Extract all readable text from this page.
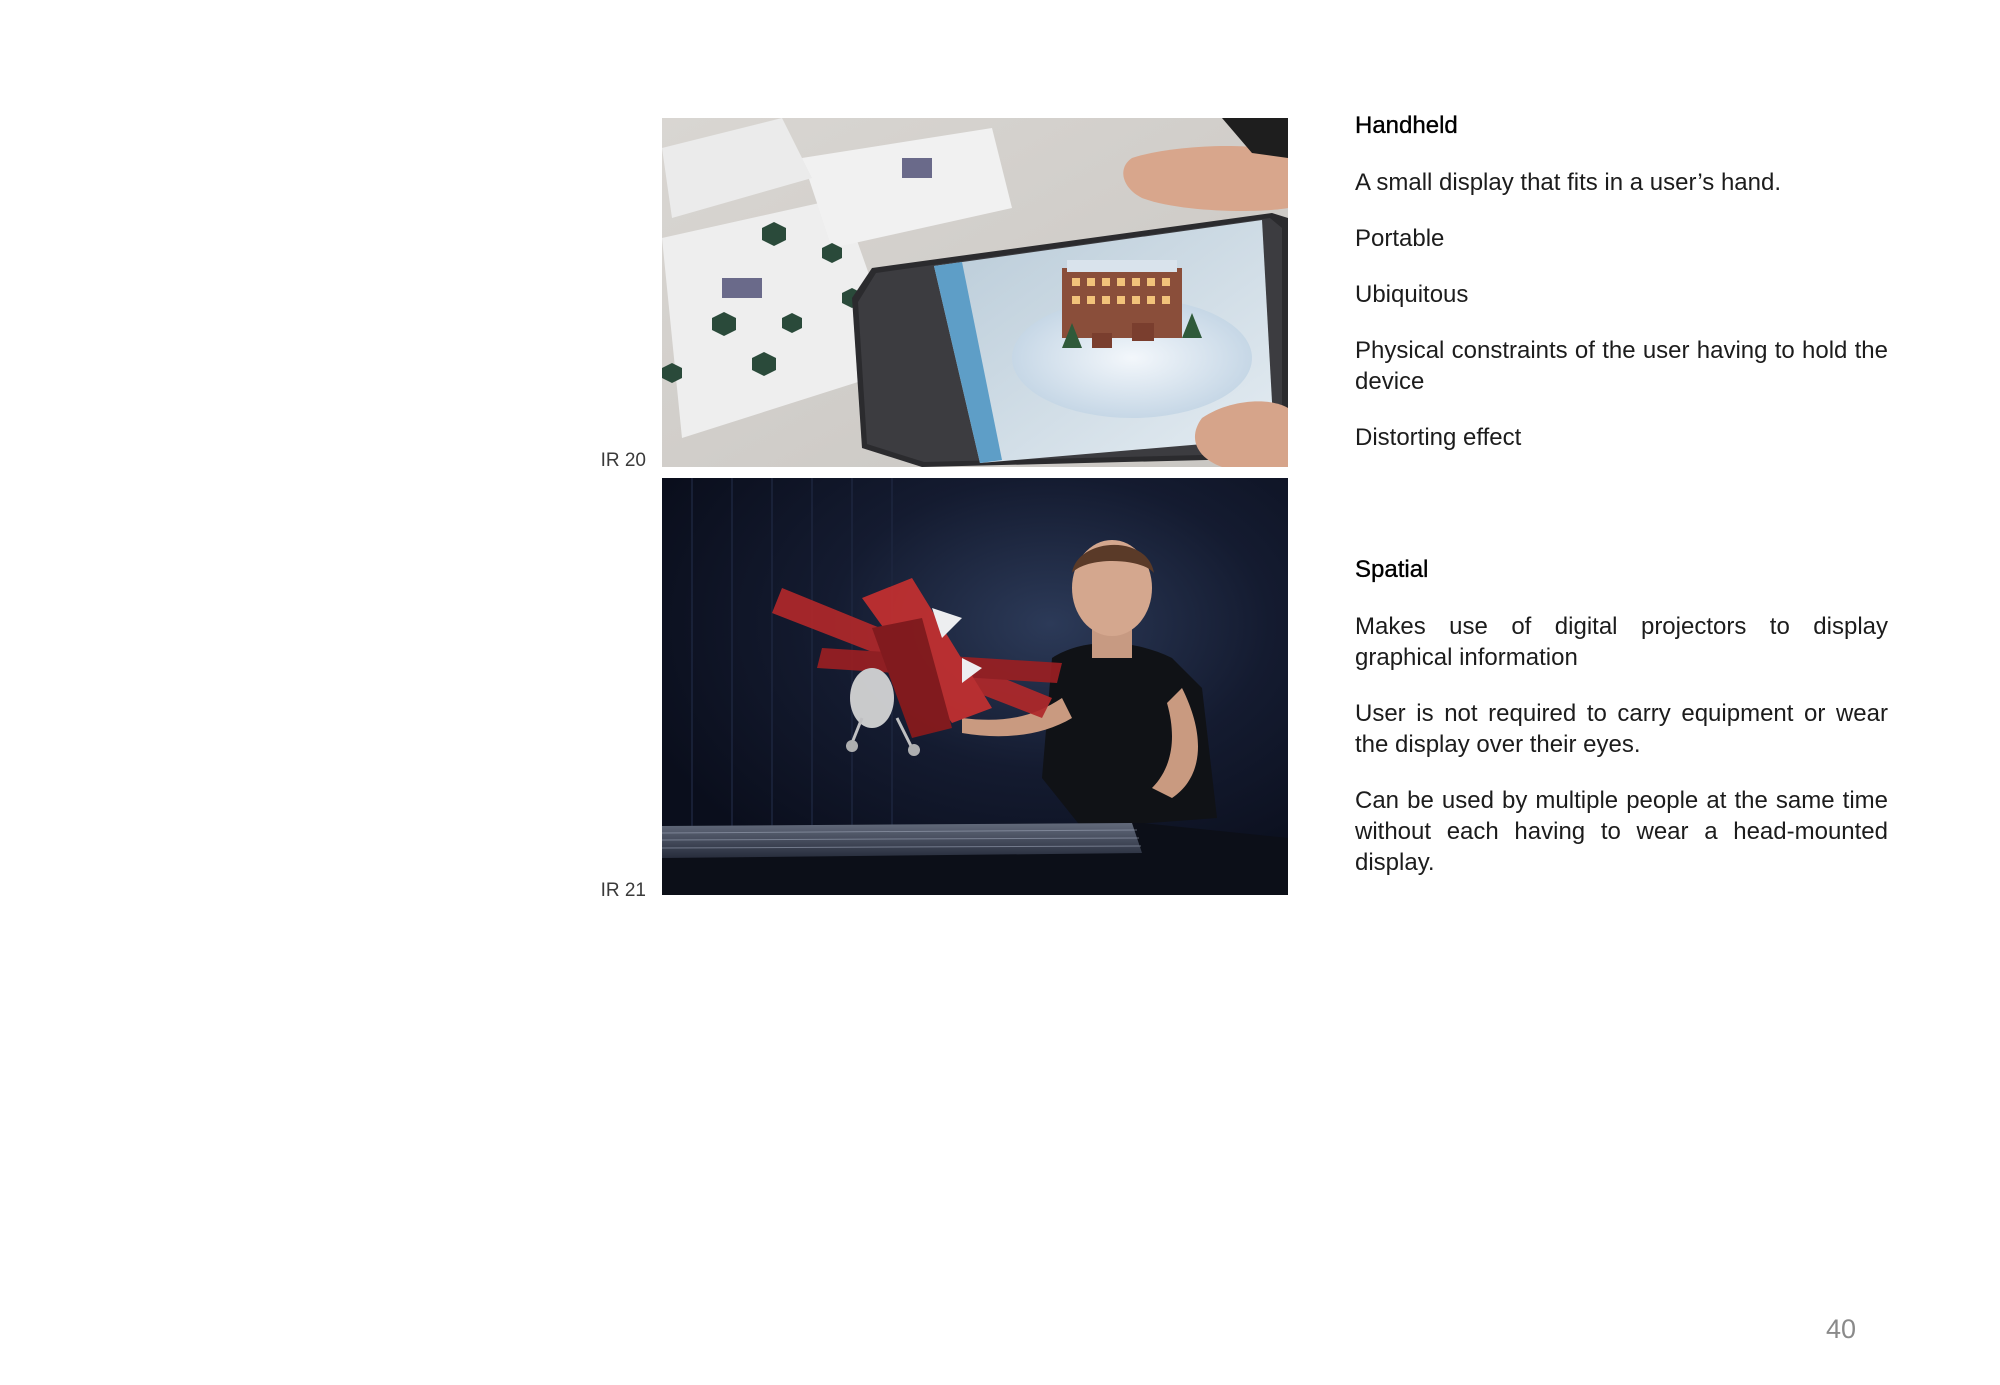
IR 20
IR 21
Handheld
A small display that fits in a user’s hand.
Portable
Ubiquitous
Physical constraints of the user having to hold the device
Distorting effect
Spatial
Makes use of digital projectors to display graphical information
User is not required to carry equipment or wear the display over their eyes.
Can be used by multiple people at the same time without each having to wear a head-mounted display.
40
